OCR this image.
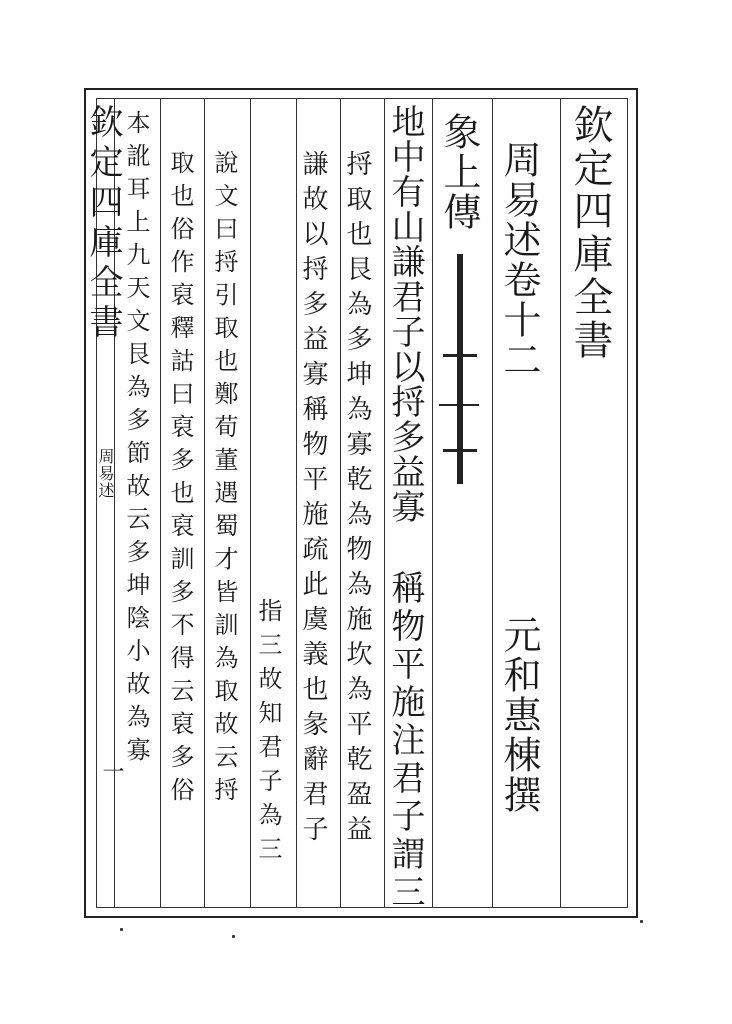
欽定四庫全書
周易述卷十二
元和惠棟撰
象上傳
地中有山謙君子以捋多益寡
稱物平施注君子謂三
捋取也艮為多坤為寡乾為物為施坎為平乾盈益
謙故以捋多益寡稱物平施疏此虞義也彖辭君子
指三故知君子為三
說文曰捋引取也鄭荀董遇蜀才皆訓為取故云捋
取也俗作裒釋詁曰裒多也裒訓多不得云裒多俗
本訛耳上九天文艮為多節故云多坤陰小故為寡
欽定四庫全書
周易述
一
